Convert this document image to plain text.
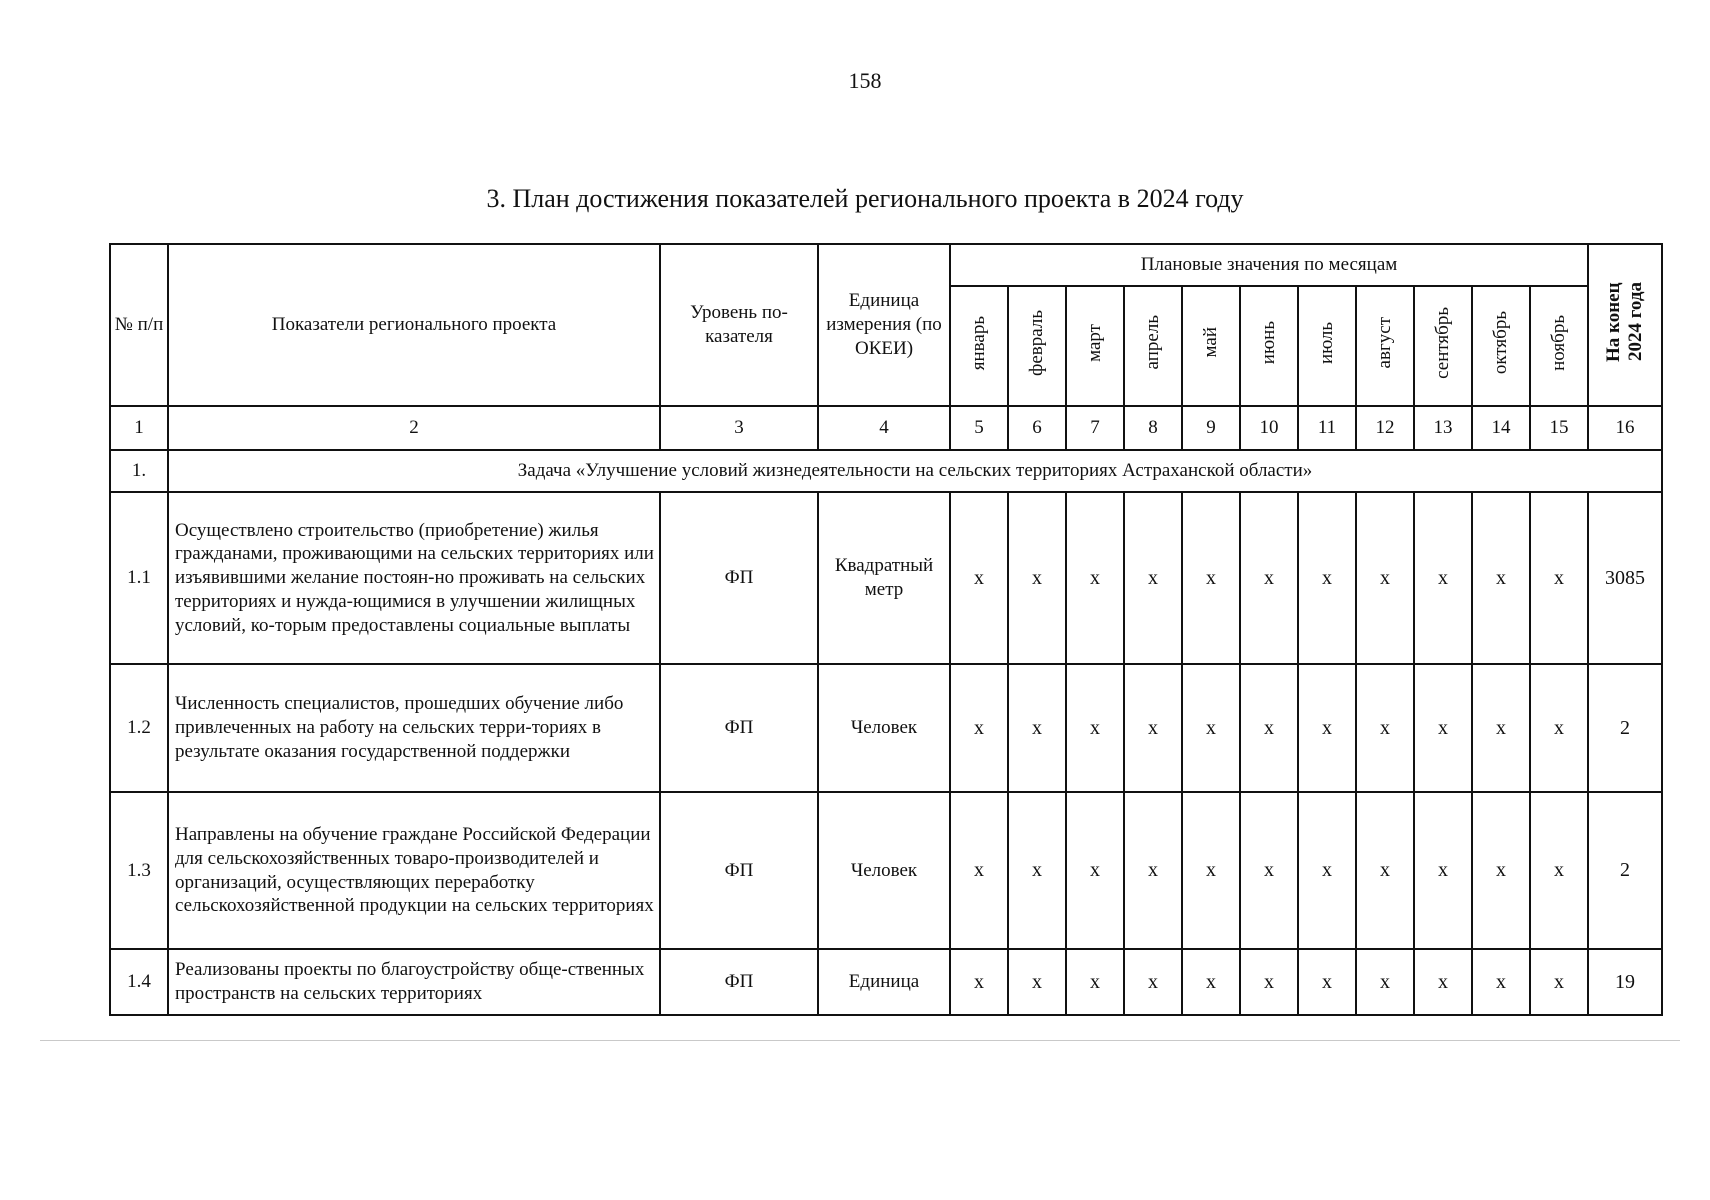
158
3. План достижения показателей регионального проекта в 2024 году
№ п/п	Показатели регионального проекта	Уровень по-казателя	Единица измерения (по ОКЕИ)	Плановые значения по месяцам											На конец 2024 года
				январь	февраль	март	апрель	май	июнь	июль	август	сентябрь	октябрь	ноябрь	
1	2	3	4	5	6	7	8	9	10	11	12	13	14	15	16
1.	Задача «Улучшение условий жизнедеятельности на сельских территориях Астраханской области»														
1.1	Осуществлено строительство (приобретение) жилья гражданами, проживающими на сельских территориях или изъявившими желание постоян-но проживать на сельских территориях и нужда-ющимися в улучшении жилищных условий, ко-торым предоставлены социальные выплаты	ФП	Квадратный метр	x	x	x	x	x	x	x	x	x	x	x	3085
1.2	Численность специалистов, прошедших обучение либо привлеченных на работу на сельских терри-ториях в результате оказания государственной поддержки	ФП	Человек	x	x	x	x	x	x	x	x	x	x	x	2
1.3	Направлены на обучение граждане Российской Федерации для сельскохозяйственных товаро-производителей и организаций, осуществляющих переработку сельскохозяйственной продукции на сельских территориях	ФП	Человек	x	x	x	x	x	x	x	x	x	x	x	2
1.4	Реализованы проекты по благоустройству обще-ственных пространств на сельских территориях	ФП	Единица	x	x	x	x	x	x	x	x	x	x	x	19
